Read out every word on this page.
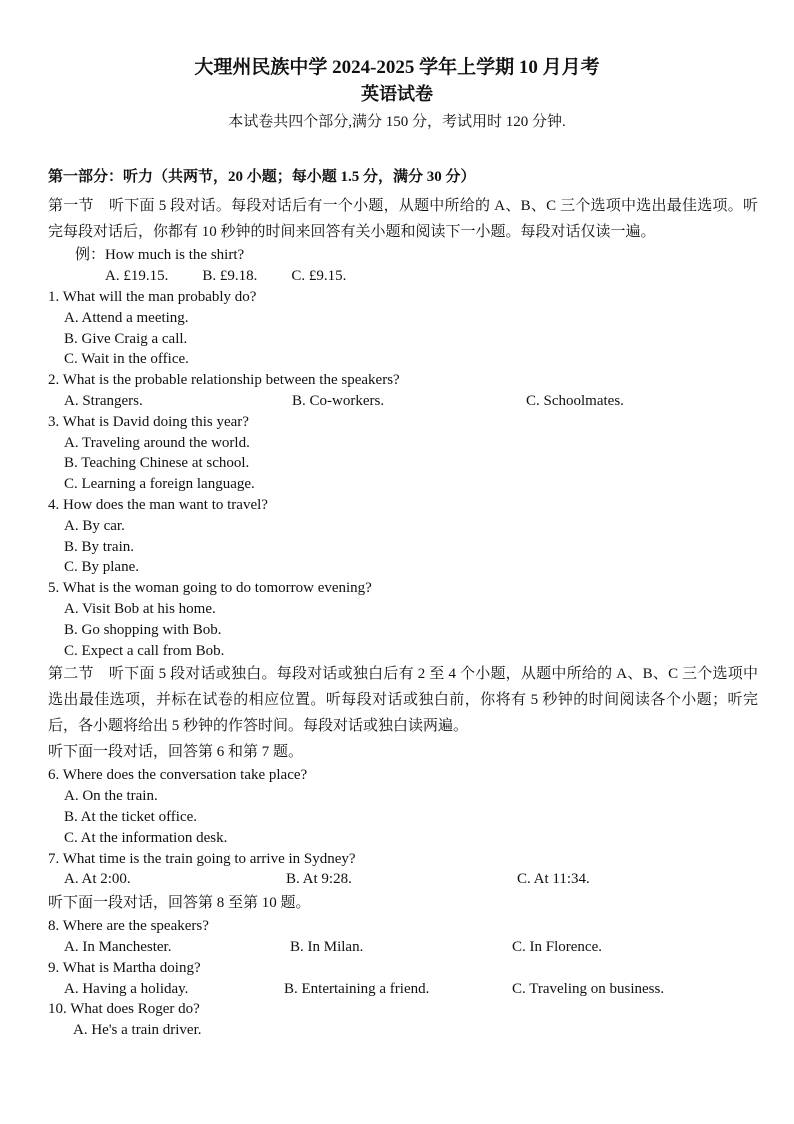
大理州民族中学 2024-2025 学年上学期 10 月月考
英语试卷
本试卷共四个部分,满分 150 分，考试用时 120 分钟.
第一部分：听力（共两节，20 小题；每小题 1.5 分，满分 30 分）
第一节　听下面 5 段对话。每段对话后有一个小题，从题中所给的 A、B、C 三个选项中选出最佳选项。听完每段对话后，你都有 10 秒钟的时间来回答有关小题和阅读下一小题。每段对话仅读一遍。
例：How much is the shirt?
A. £19.15. B. £9.18. C. £9.15.
1. What will the man probably do?
A. Attend a meeting.
B. Give Craig a call.
C. Wait in the office.
2. What is the probable relationship between the speakers?
A. Strangers.	B. Co-workers.	C. Schoolmates.
3. What is David doing this year?
A. Traveling around the world.
B. Teaching Chinese at school.
C. Learning a foreign language.
4. How does the man want to travel?
A. By car.
B. By train.
C. By plane.
5. What is the woman going to do tomorrow evening?
A. Visit Bob at his home.
B. Go shopping with Bob.
C. Expect a call from Bob.
第二节　听下面 5 段对话或独白。每段对话或独白后有 2 至 4 个小题，从题中所给的 A、B、C 三个选项中选出最佳选项，并标在试卷的相应位置。听每段对话或独白前，你将有 5 秒钟的时间阅读各个小题；听完后，各小题将给出 5 秒钟的作答时间。每段对话或独白读两遍。
听下面一段对话，回答第 6 和第 7 题。
6. Where does the conversation take place?
A. On the train.
B. At the ticket office.
C. At the information desk.
7. What time is the train going to arrive in Sydney?
A. At 2:00.	B. At 9:28.	C. At 11:34.
听下面一段对话，回答第 8 至第 10 题。
8. Where are the speakers?
A. In Manchester.	B. In Milan.	C. In Florence.
9. What is Martha doing?
A. Having a holiday.	B. Entertaining a friend.	C. Traveling on business.
10. What does Roger do?
A. He's a train driver.
